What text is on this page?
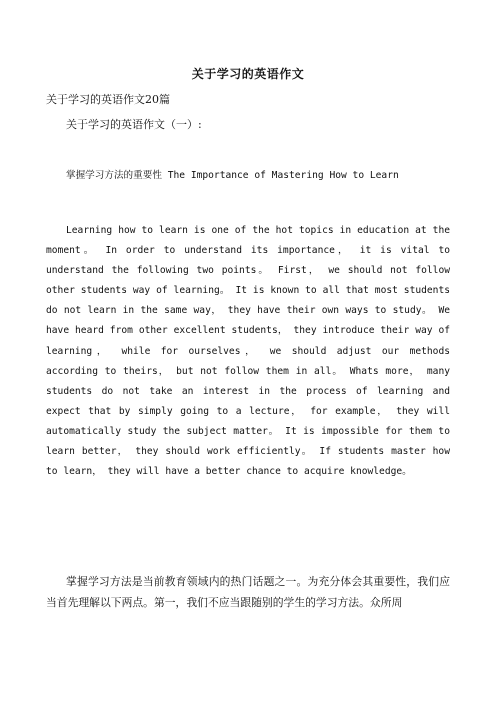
关于学习的英语作文
关于学习的英语作文20篇
关于学习的英语作文（一）:
掌握学习方法的重要性 The Importance of Mastering How to Learn

Learning how to learn is one of the hot topics in education at the moment。 In order to understand its importance， it is vital to understand the following two points。 First， we should not follow other students way of learning。 It is known to all that most students do not learn in the same way， they have their own ways to study。 We have heard from other excellent students， they introduce their way of learning， while for ourselves， we should adjust our methods according to theirs， but not follow them in all。 Whats more， many students do not take an interest in the process of learning and expect that by simply going to a lecture， for example， they will automatically study the subject matter。 It is impossible for them to learn better， they should work efficiently。 If students master how to learn， they will have a better chance to acquire knowledge。

掌握学习方法是当前教育领域内的热门话题之一。为充分体会其重要性，我们应当首先理解以下两点。第一，我们不应当跟随别的学生的学习方法。众所周
